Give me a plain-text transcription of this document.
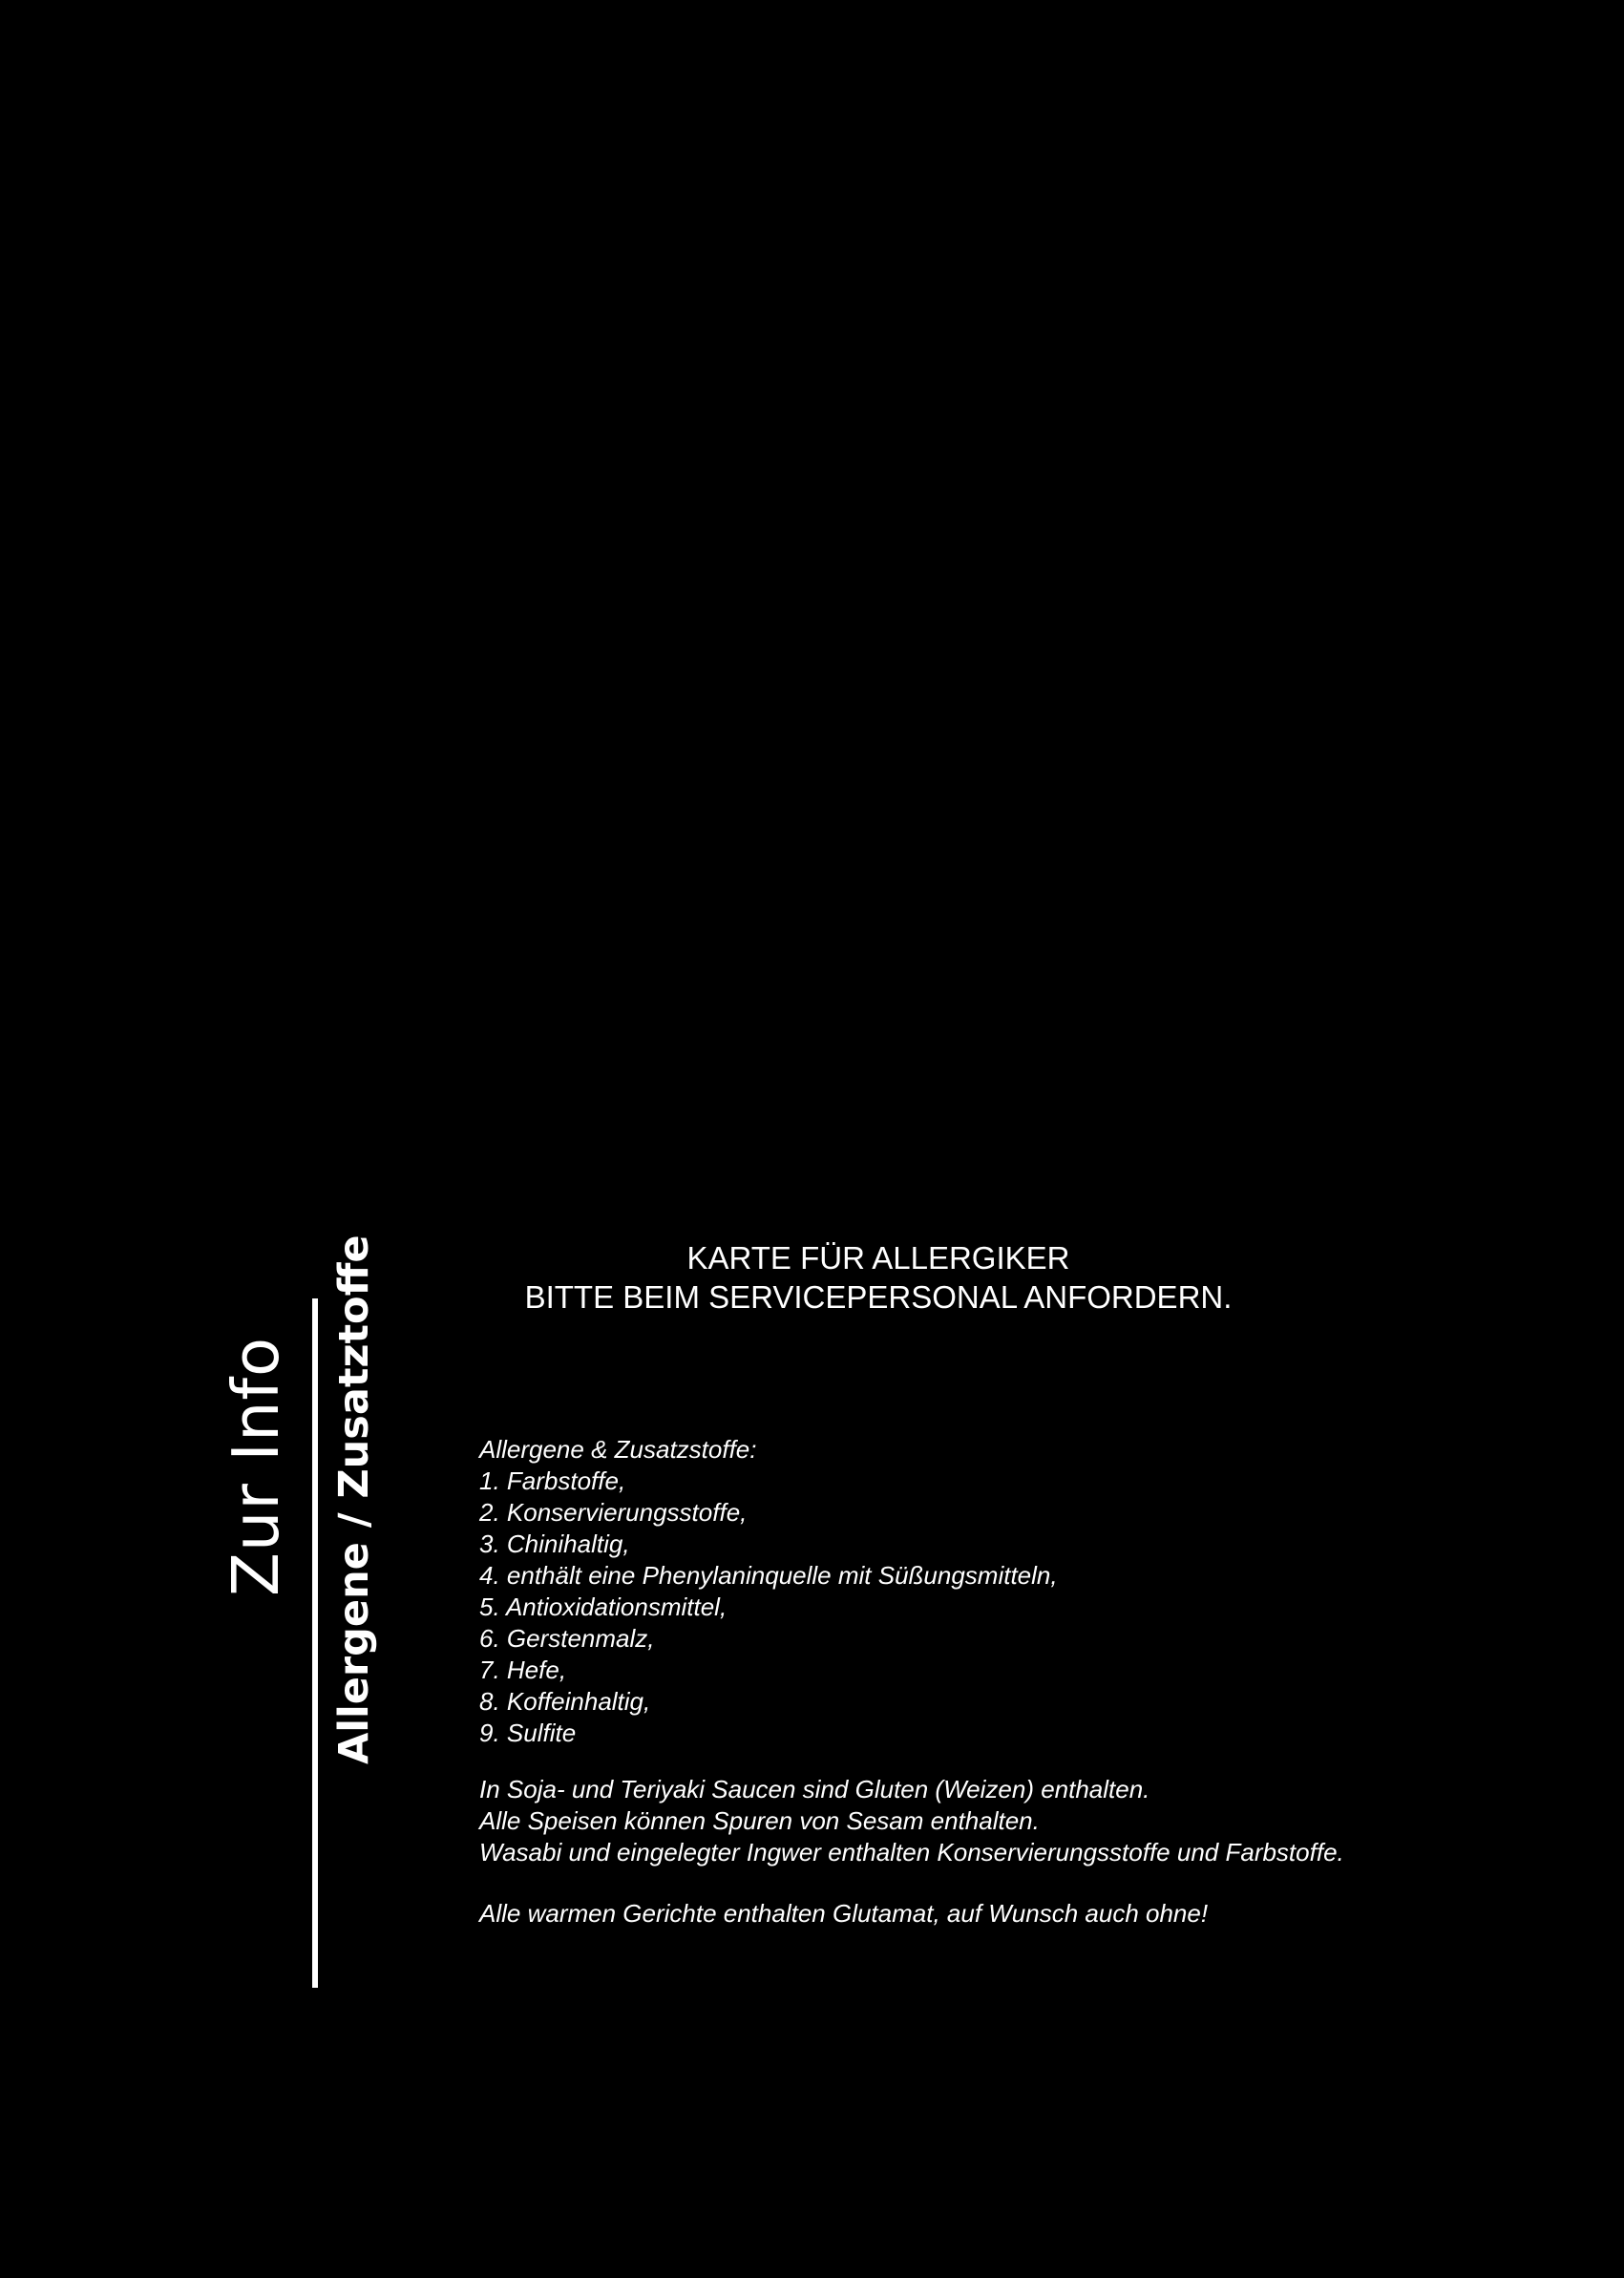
Zur Info Allergene / Zusatztoffe	KARTE FÜR ALLERGIKER
BITTE BEIM SERVICEPERSONAL ANFORDERN.
Allergene & Zusatzstoffe:
1. Farbstoffe,
2. Konservierungsstoffe,
3. Chinihaltig,
4. enthält eine Phenylaninquelle mit Süßungsmitteln,
5. Antioxidationsmittel,
6. Gerstenmalz,
7. Hefe,
8. Koffeinhaltig,
9. Sulfite
In Soja- und Teriyaki Saucen sind Gluten (Weizen) enthalten.
Alle Speisen können Spuren von Sesam enthalten.
Wasabi und eingelegter Ingwer enthalten Konservierungsstoffe und Farbstoffe.
Alle warmen Gerichte enthalten Glutamat, auf Wunsch auch ohne!
